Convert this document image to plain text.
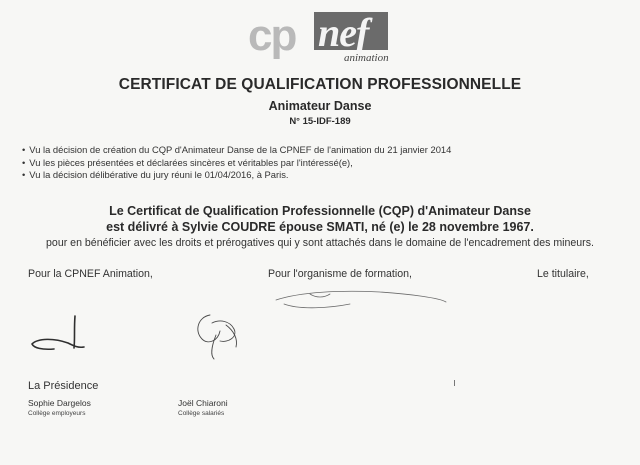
cp nef
animation
CERTIFICAT DE QUALIFICATION PROFESSIONNELLE
Animateur Danse
N° 15-IDF-189
• Vu la décision de création du CQP d'Animateur Danse de la CPNEF de l'animation du 21 janvier 2014
• Vu les pièces présentées et déclarées sincères et véritables par l'intéressé(e),
• Vu la décision délibérative du jury réuni le 01/04/2016, à Paris.
Le Certificat de Qualification Professionnelle (CQP) d'Animateur Danse
est délivré à Sylvie COUDRE épouse SMATI, né (e) le 28 novembre 1967.
pour en bénéficier avec les droits et prérogatives qui y sont attachés dans le domaine de l'encadrement des mineurs.
Pour la CPNEF Animation,	Pour l'organisme de formation,	Le titulaire,
La Présidence
Sophie Dargelos
Collège employeurs
Joël Chiaroni
Collège salariés
